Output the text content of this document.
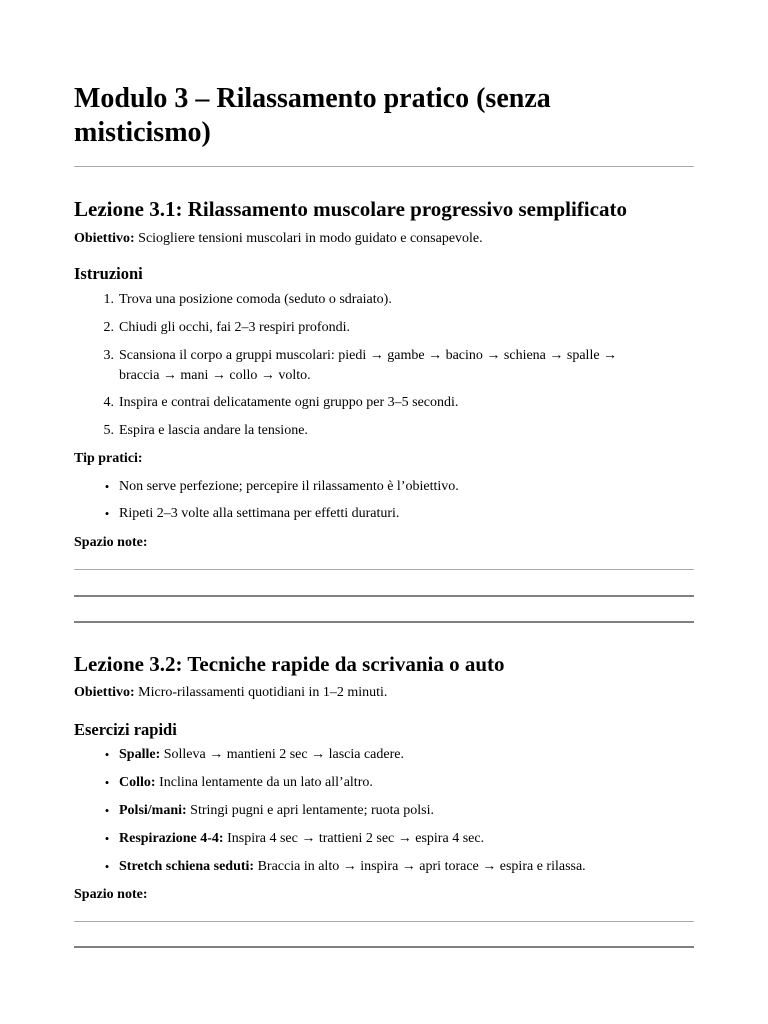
Modulo 3 – Rilassamento pratico (senza misticismo)
Lezione 3.1: Rilassamento muscolare progressivo semplificato

Obiettivo: Sciogliere tensioni muscolari in modo guidato e consapevole.

Istruzioni
1. Trova una posizione comoda (seduto o sdraiato).
2. Chiudi gli occhi, fai 2–3 respiri profondi.
3. Scansiona il corpo a gruppi muscolari: piedi → gambe → bacino → schiena → spalle →
braccia → mani → collo → volto.
4. Inspira e contrai delicatamente ogni gruppo per 3–5 secondi.
5. Espira e lascia andare la tensione.

Tip pratici:

• Non serve perfezione; percepire il rilassamento è l’obiettivo.
• Ripeti 2–3 volte alla settimana per effetti duraturi.

Spazio note:

Lezione 3.2: Tecniche rapide da scrivania o auto

Obiettivo: Micro-rilassamenti quotidiani in 1–2 minuti.

Esercizi rapidi
• Spalle: Solleva → mantieni 2 sec → lascia cadere.
• Collo: Inclina lentamente da un lato all’altro.
• Polsi/mani: Stringi pugni e apri lentamente; ruota polsi.
• Respirazione 4-4: Inspira 4 sec → trattieni 2 sec → espira 4 sec.
• Stretch schiena seduti: Braccia in alto → inspira → apri torace → espira e rilassa.

Spazio note:
